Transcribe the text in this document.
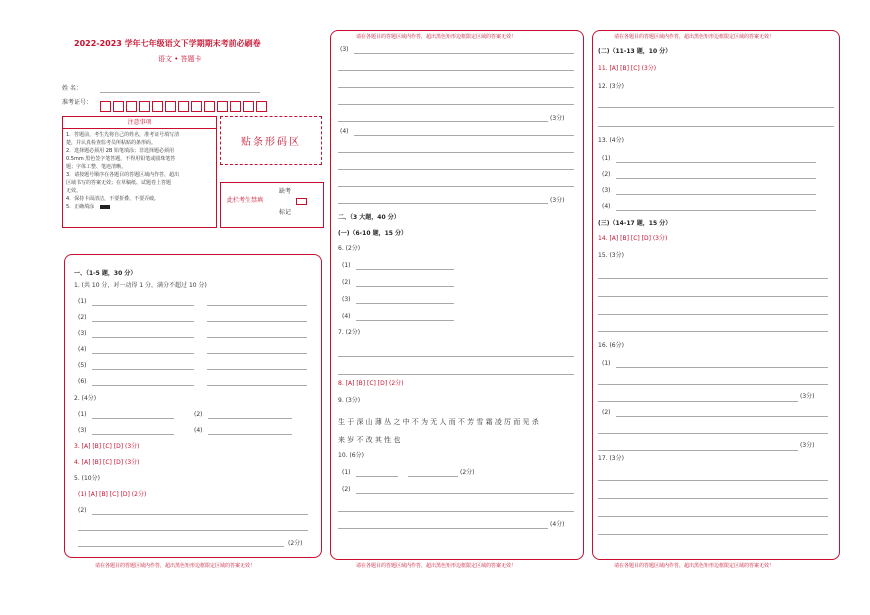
2022-2023 学年七年级语文下学期期末考前必刷卷
语文 • 答题卡
姓 名：
准考证号：
注意事项
1．答题前，考生先将自己的姓名，准考证号填写清
楚，并认真检查监考员所粘贴的条形码。
2．选择题必须用 2B 铅笔填涂；非选择题必须用
0.5mm 黑色签字笔答题，不得用铅笔或圆珠笔答
题；字体工整、笔迹清晰。
3．请按题号顺序在各题目的答题区域内作答，超出
区域书写的答案无效；在草稿纸、试题卷上答题
无效。
4．保持卡面清洁，不要折叠、不要弄破。
5．正确填涂
贴条形码区
此栏考生禁填
缺考
标记
一、（1-5 题，30 分）
1. (共 10 分，对一动得 1 分，满分不超过 10 分)
(1)
(2)
(3)
(4)
(5)
(6)
2. (4分)
(1)	(2)
(3)	(4)
3. [A] [B] [C] [D] (3分)
4. [A] [B] [C] [D] (3分)
5. (10分)
(1) [A] [B] [C] [D] (2分)
(2)
(2分)
请在各题目的答题区域内作答，超出黑色矩形边框限定区域的答案无效！
请在各题目的答题区域内作答，超出黑色矩形边框限定区域的答案无效！
(3)
(3分)
(4)
(3分)
二、（3 大题，40 分）
(一)（6-10 题，15 分）
6. (2分)
(1)
(2)
(3)
(4)
7. (2分)
8. [A] [B] [C] [D] (2分)
9. (3分)
生 于 深 山 薄 丛 之 中 不 为 无 人 而 不 芳 雪 霜 凌 厉 而 见 杀
来 岁 不 改 其 性 也
10. (6分)
(1)	(2分)
(2)
(4分)
请在各题目的答题区域内作答，超出黑色矩形边框限定区域的答案无效！
请在各题目的答题区域内作答，超出黑色矩形边框限定区域的答案无效！
(二)（11-13 题，10 分）
11. [A] [B] [C] (3分)
12. (3分)
13. (4分)
(1)
(2)
(3)
(4)
(三)（14-17 题，15 分）
14. [A] [B] [C] [D] (3分)
15. (3分)
16. (6分)
(1)
(3分)
(2)
(3分)
17. (3分)
请在各题目的答题区域内作答，超出黑色矩形边框限定区域的答案无效！
